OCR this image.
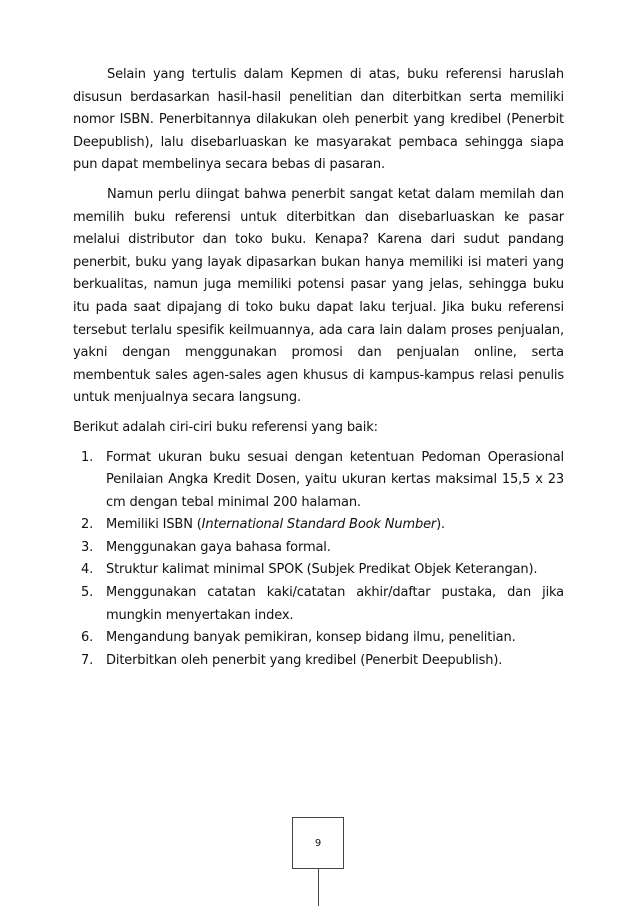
Selain yang tertulis dalam Kepmen di atas, buku referensi haruslah disusun berdasarkan hasil-hasil penelitian dan diterbitkan serta memiliki nomor ISBN. Penerbitannya dilakukan oleh penerbit yang kredibel (Penerbit Deepublish), lalu disebarluaskan ke masyarakat pembaca sehingga siapa pun dapat membelinya secara bebas di pasaran.

Namun perlu diingat bahwa penerbit sangat ketat dalam memilah dan memilih buku referensi untuk diterbitkan dan disebarluaskan ke pasar melalui distributor dan toko buku. Kenapa? Karena dari sudut pandang penerbit, buku yang layak dipasarkan bukan hanya memiliki isi materi yang berkualitas, namun juga memiliki potensi pasar yang jelas, sehingga buku itu pada saat dipajang di toko buku dapat laku terjual. Jika buku referensi tersebut terlalu spesifik keilmuannya, ada cara lain dalam proses penjualan, yakni dengan menggunakan promosi dan penjualan online, serta membentuk sales agen-sales agen khusus di kampus-kampus relasi penulis untuk menjualnya secara langsung.

Berikut adalah ciri-ciri buku referensi yang baik:

1. Format ukuran buku sesuai dengan ketentuan Pedoman Operasional Penilaian Angka Kredit Dosen, yaitu ukuran kertas maksimal 15,5 x 23 cm dengan tebal minimal 200 halaman.
2. Memiliki ISBN (International Standard Book Number).
3. Menggunakan gaya bahasa formal.
4. Struktur kalimat minimal SPOK (Subjek Predikat Objek Keterangan).
5. Menggunakan catatan kaki/catatan akhir/daftar pustaka, dan jika mungkin menyertakan index.
6. Mengandung banyak pemikiran, konsep bidang ilmu, penelitian.
7. Diterbitkan oleh penerbit yang kredibel (Penerbit Deepublish).
9
